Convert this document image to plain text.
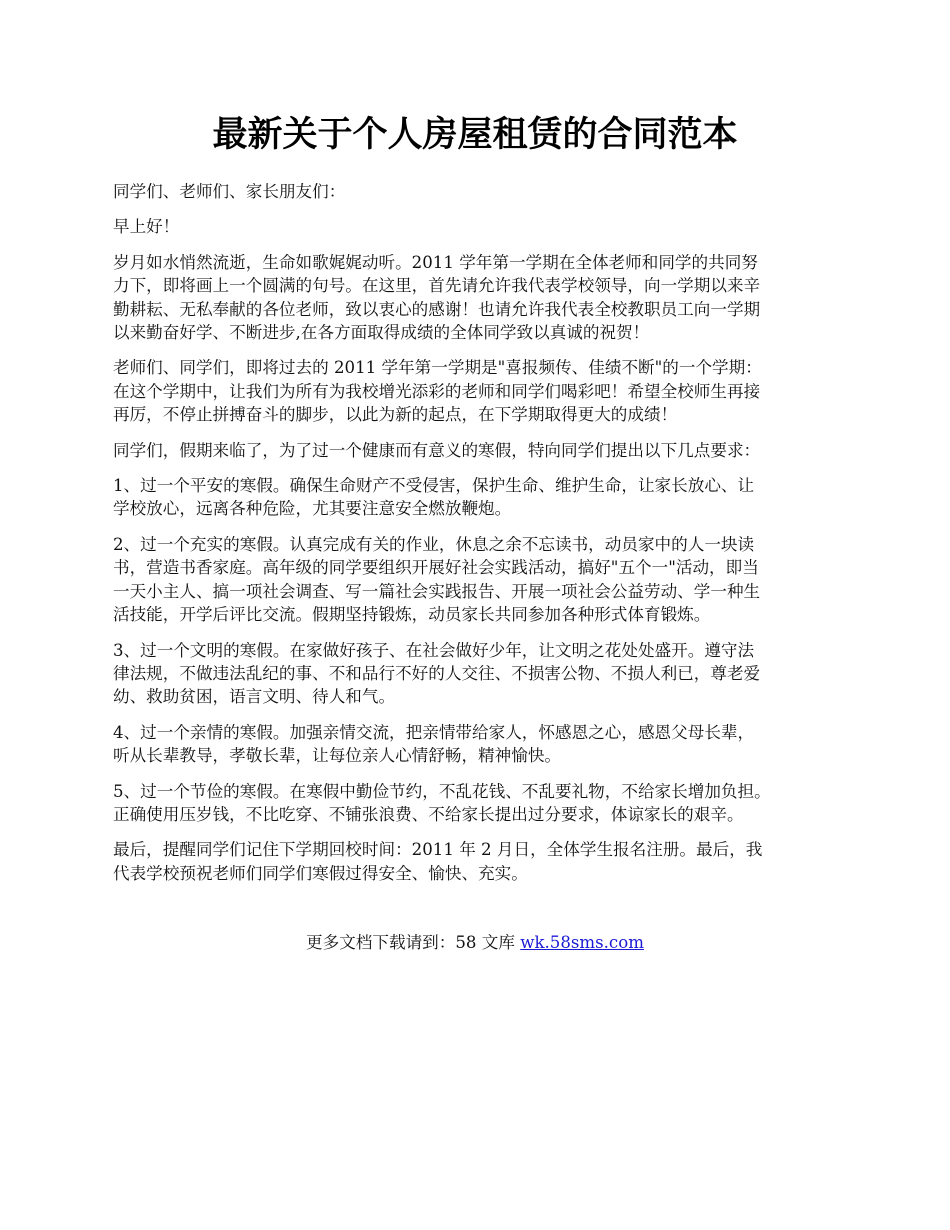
最新关于个人房屋租赁的合同范本

同学们、老师们、家长朋友们：

早上好！

岁月如水悄然流逝，生命如歌娓娓动听。2011 学年第一学期在全体老师和同学的共同努
力下，即将画上一个圆满的句号。在这里，首先请允许我代表学校领导，向一学期以来辛
勤耕耘、无私奉献的各位老师，致以衷心的感谢！也请允许我代表全校教职员工向一学期
以来勤奋好学、不断进步,在各方面取得成绩的全体同学致以真诚的祝贺！

老师们、同学们，即将过去的 2011 学年第一学期是"喜报频传、佳绩不断"的一个学期：
在这个学期中，让我们为所有为我校增光添彩的老师和同学们喝彩吧！希望全校师生再接
再厉，不停止拼搏奋斗的脚步，以此为新的起点，在下学期取得更大的成绩！

同学们，假期来临了，为了过一个健康而有意义的寒假，特向同学们提出以下几点要求：

1、过一个平安的寒假。确保生命财产不受侵害，保护生命、维护生命，让家长放心、让
学校放心，远离各种危险，尤其要注意安全燃放鞭炮。

2、过一个充实的寒假。认真完成有关的作业，休息之余不忘读书，动员家中的人一块读
书，营造书香家庭。高年级的同学要组织开展好社会实践活动，搞好"五个一"活动，即当
一天小主人、搞一项社会调查、写一篇社会实践报告、开展一项社会公益劳动、学一种生
活技能，开学后评比交流。假期坚持锻炼，动员家长共同参加各种形式体育锻炼。

3、过一个文明的寒假。在家做好孩子、在社会做好少年，让文明之花处处盛开。遵守法
律法规，不做违法乱纪的事、不和品行不好的人交往、不损害公物、不损人利已，尊老爱
幼、救助贫困，语言文明、待人和气。

4、过一个亲情的寒假。加强亲情交流，把亲情带给家人，怀感恩之心，感恩父母长辈，
听从长辈教导，孝敬长辈，让每位亲人心情舒畅，精神愉快。

5、过一个节俭的寒假。在寒假中勤俭节约，不乱花钱、不乱要礼物，不给家长增加负担。
正确使用压岁钱，不比吃穿、不铺张浪费、不给家长提出过分要求，体谅家长的艰辛。

最后，提醒同学们记住下学期回校时间：2011 年 2 月日，全体学生报名注册。最后，我
代表学校预祝老师们同学们寒假过得安全、愉快、充实。

更多文档下载请到：58 文库 wk.58sms.com
